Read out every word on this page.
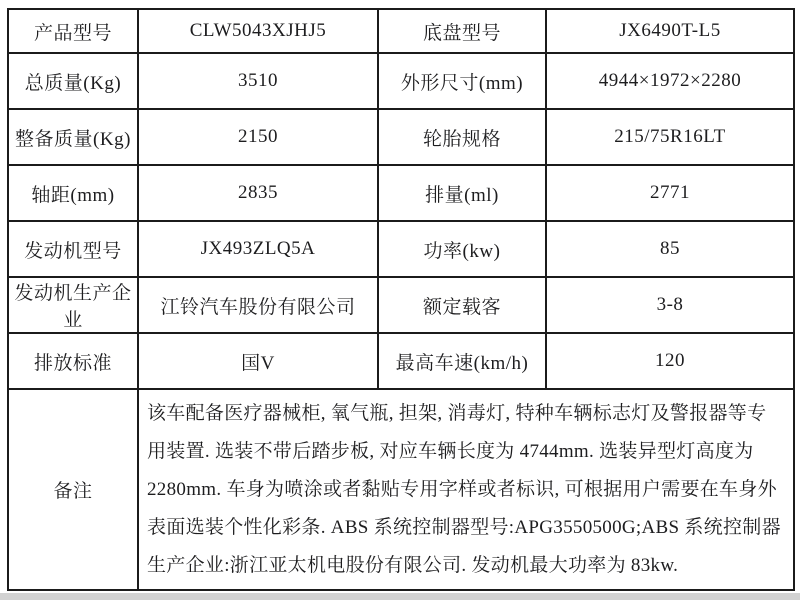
产品型号	CLW5043XJHJ5	底盘型号	JX6490T-L5
总质量(Kg)	3510	外形尺寸(mm)	4944×1972×2280
整备质量(Kg)	2150	轮胎规格	215/75R16LT
轴距(mm)	2835	排量(ml)	2771
发动机型号	JX493ZLQ5A	功率(kw)	85
发动机生产企业	江铃汽车股份有限公司	额定载客	3-8
排放标准	国V	最高车速(km/h)	120
备注	该车配备医疗器械柜, 氧气瓶, 担架, 消毒灯, 特种车辆标志灯及警报器等专用装置. 选装不带后踏步板, 对应车辆长度为 4744mm. 选装异型灯高度为 2280mm. 车身为喷涂或者黏贴专用字样或者标识, 可根据用户需要在车身外表面选装个性化彩条. ABS 系统控制器型号:APG3550500G;ABS 系统控制器生产企业:浙江亚太机电股份有限公司. 发动机最大功率为 83kw.		
